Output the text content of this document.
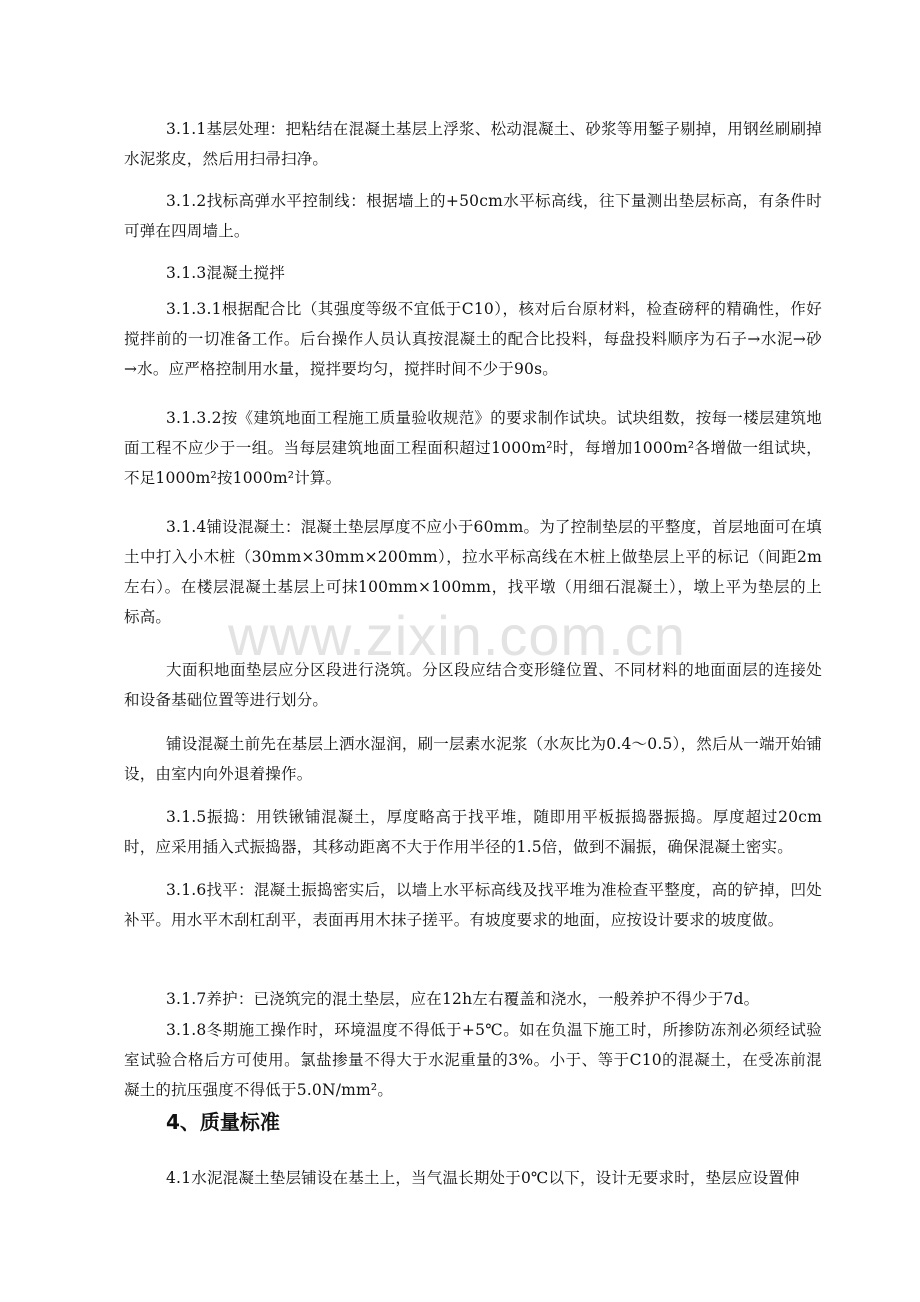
3.1.1基层处理：把粘结在混凝土基层上浮浆、松动混凝土、砂浆等用錾子剔掉，用钢丝刷刷掉水泥浆皮，然后用扫帚扫净。

3.1.2找标高弹水平控制线：根据墙上的+50cm水平标高线，往下量测出垫层标高，有条件时可弹在四周墙上。

3.1.3混凝土搅拌

3.1.3.1根据配合比（其强度等级不宜低于C10），核对后台原材料，检查磅秤的精确性，作好搅拌前的一切准备工作。后台操作人员认真按混凝土的配合比投料，每盘投料顺序为石子→水泥→砂→水。应严格控制用水量，搅拌要均匀，搅拌时间不少于90s。

3.1.3.2按《建筑地面工程施工质量验收规范》的要求制作试块。试块组数，按每一楼层建筑地面工程不应少于一组。当每层建筑地面工程面积超过1000m²时，每增加1000m²各增做一组试块，不足1000m²按1000m²计算。

3.1.4铺设混凝土：混凝土垫层厚度不应小于60mm。为了控制垫层的平整度，首层地面可在填土中打入小木桩（30mm×30mm×200mm），拉水平标高线在木桩上做垫层上平的标记（间距2m左右）。在楼层混凝土基层上可抹100mm×100mm，找平墩（用细石混凝土），墩上平为垫层的上标高。

大面积地面垫层应分区段进行浇筑。分区段应结合变形缝位置、不同材料的地面面层的连接处和设备基础位置等进行划分。

铺设混凝土前先在基层上洒水湿润，刷一层素水泥浆（水灰比为0.4～0.5），然后从一端开始铺设，由室内向外退着操作。

3.1.5振捣：用铁锹铺混凝土，厚度略高于找平堆，随即用平板振捣器振捣。厚度超过20cm时，应采用插入式振捣器，其移动距离不大于作用半径的1.5倍，做到不漏振，确保混凝土密实。

3.1.6找平：混凝土振捣密实后，以墙上水平标高线及找平堆为准检查平整度，高的铲掉，凹处补平。用水平木刮杠刮平，表面再用木抹子搓平。有坡度要求的地面，应按设计要求的坡度做。

3.1.7养护：已浇筑完的混土垫层，应在12h左右覆盖和浇水，一般养护不得少于7d。

3.1.8冬期施工操作时，环境温度不得低于+5℃。如在负温下施工时，所掺防冻剂必须经试验室试验合格后方可使用。氯盐掺量不得大于水泥重量的3%。小于、等于C10的混凝土，在受冻前混凝土的抗压强度不得低于5.0N/mm²。

4、质量标准

4.1水泥混凝土垫层铺设在基土上，当气温长期处于0℃以下，设计无要求时，垫层应设置伸

www.zixin.com.cn
